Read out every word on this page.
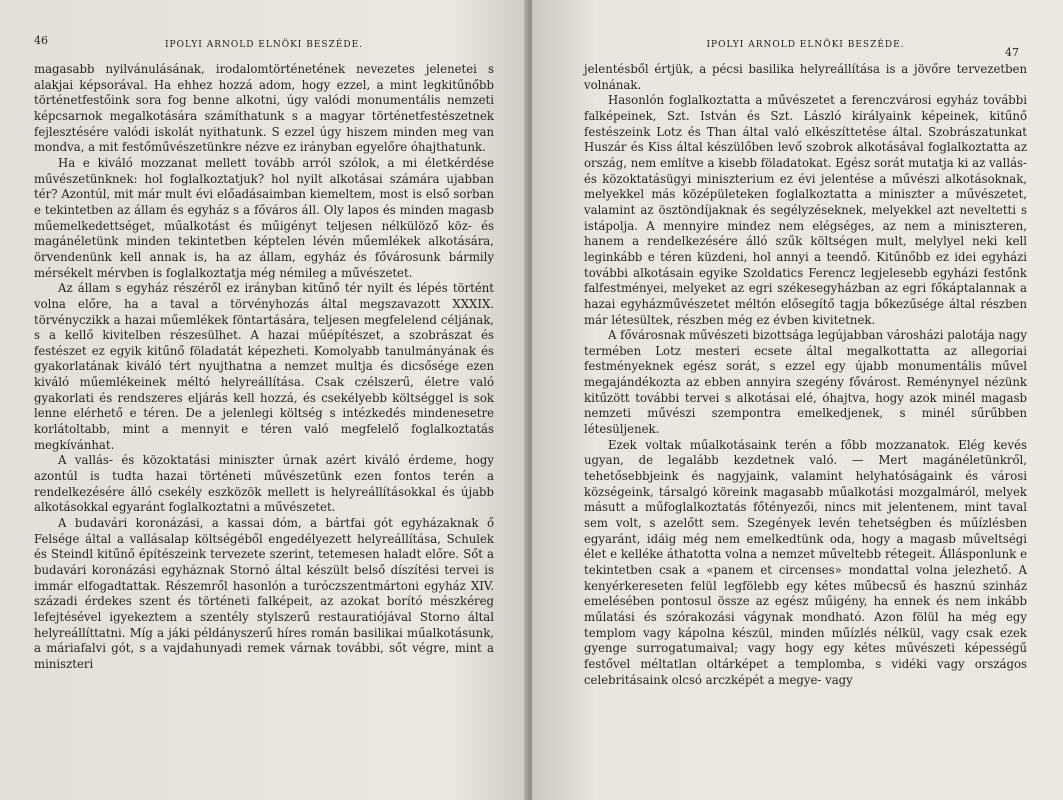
46	IPOLYI ARNOLD ELNÖKI BESZÉDE.

magasabb nyilvánulásának, irodalomtörténetének nevezetes jelenetei s alakjai képsorával. Ha ehhez hozzá adom, hogy ezzel, a mint legkitűnőbb történetfestőink sora fog benne alkotni, úgy valódi monumentális nemzeti képcsarnok megalkotására számíthatunk s a magyar történetfestészetnek fejlesztésére valódi iskolát nyithatunk. S ezzel úgy hiszem minden meg van mondva, a mit festőművészetünkre nézve ez irányban egyelőre óhajthatunk.

Ha e kiváló mozzanat mellett tovább arról szólok, a mi életkérdése művészetünknek: hol foglalkoztatjuk? hol nyilt alkotásai számára ujabban tér? Azontúl, mit már mult évi előadásaimban kiemeltem, most is első sorban e tekintetben az állam és egyház s a főváros áll. Oly lapos és minden magasb műemelkedettséget, műalkotást és műigényt teljesen nélkülöző köz- és magánéletünk minden tekintetben képtelen lévén műemlékek alkotására, örvendenünk kell annak is, ha az állam, egyház és fővárosunk bármily mérsékelt mérvben is foglalkoztatja még némileg a művészetet.

Az állam s egyház részéről ez irányban kitűnő tér nyilt és lépés történt volna előre, ha a taval a törvényhozás által megszavazott XXXIX. törvényczikk a hazai műemlékek föntartására, teljesen megfelelend céljának, s a kellő kivitelben részesülhet. A hazai műépítészet, a szobrászat és festészet ez egyik kitűnő föladatát képezheti. Komolyabb tanulmányának és gyakorlatának kiváló tért nyujthatna a nemzet multja és dicsősége ezen kiváló műemlékeinek méltó helyreállítása. Csak czélszerű, életre való gyakorlati és rendszeres eljárás kell hozzá, és csekélyebb költséggel is sok lenne elérhető e téren. De a jelenlegi költség s intézkedés mindenesetre korlátoltabb, mint a mennyit e téren való megfelelő foglalkoztatás megkívánhat.

A vallás- és közoktatási miniszter úrnak azért kiváló érdeme, hogy azontúl is tudta hazai történeti művészetünk ezen fontos terén a rendelkezésére álló csekély eszközök mellett is helyreállításokkal és újabb alkotásokkal egyaránt foglalkoztatni a művészetet.

A budavári koronázási, a kassai dóm, a bártfai gót egyházaknak ő Felsége által a vallásalap költségéből engedélyezett helyreállítása, Schulek és Steindl kitűnő építészeink tervezete szerint, tetemesen haladt előre. Sőt a budavári koronázási egyháznak Stornó által készült belső díszítési tervei is immár elfogadtattak. Részemről hasonlón a turóczszentmártoni egyház XIV. századi érdekes szent és történeti falképeit, az azokat borító mészkéreg lefejtésével igyekeztem a szentély stylszerű restauratiójával Storno által helyreállíttatni. Míg a jáki példányszerű híres román basilikai műalkotásunk, a máriafalvi gót, s a vajdahunyadi remek várnak további, sőt végre, mint a miniszteri

IPOLYI ARNOLD ELNÖKI BESZÉDE.
47

jelentésből értjük, a pécsi basilika helyreállítása is a jövőre tervezetben volnának.

Hasonlón foglalkoztatta a művészetet a ferenczvárosi egyház további falképeinek, Szt. István és Szt. László királyaink képeinek, kitűnő festészeink Lotz és Than által való elkészíttetése által. Szobrászatunkat Huszár és Kiss által készülőben levő szobrok alkotásával foglalkoztatta az ország, nem említve a kisebb föladatokat. Egész sorát mutatja ki az vallás- és közoktatásügyi miniszterium ez évi jelentése a művészi alkotásoknak, melyekkel más középületeken foglalkoztatta a miniszter a művészetet, valamint az ösztöndíjaknak és segélyzéseknek, melyekkel azt neveltetti s istápolja. A mennyire mindez nem elégséges, az nem a miniszteren, hanem a rendelkezésére álló szűk költségen mult, melylyel neki kell leginkább e téren küzdeni, hol annyi a teendő. Kitűnőbb ez idei egyházi további alkotásain egyike Szoldatics Ferencz legjelesebb egyházi festőnk falfestményei, melyeket az egri székesegyházban az egri főkáptalannak a hazai egyházművészetet méltón elősegítő tagja bőkezűsége által részben már létesültek, részben még ez évben kivitetnek.

A fővárosnak művészeti bizottsága legújabban városházi palotája nagy termében Lotz mesteri ecsete által megalkottatta az allegoriai festményeknek egész sorát, s ezzel egy újabb monumentális művel megajándékozta az ebben annyira szegény fővárost. Reménynyel nézünk kitűzött további tervei s alkotásai elé, óhajtva, hogy azok minél magasb nemzeti művészi szempontra emelkedjenek, s minél sűrűbben létesüljenek.

Ezek voltak műalkotásaink terén a főbb mozzanatok. Elég kevés ugyan, de legalább kezdetnek való. — Mert magánéletünkről, tehetősebbjeink és nagyjaink, valamint helyhatóságaink és városi községeink, társalgó köreink magasabb műalkotási mozgalmáról, melyek másutt a műfoglalkoztatás főtényezői, nincs mit jelentenem, mint taval sem volt, s azelőtt sem. Szegények levén tehetségben és műízlésben egyaránt, idáig még nem emelkedtünk oda, hogy a magasb műveltségi élet e kelléke áthatotta volna a nemzet műveltebb rétegeit. Állásponlunk e tekintetben csak a «panem et circenses» mondattal volna jelezhető. A kenyérkereseten felül legfölebb egy kétes műbecsű és hasznú szinház emelésében pontosul össze az egész műigény, ha ennek és nem inkább műlatási és szórakozási vágynak mondható. Azon fölül ha még egy templom vagy kápolna készül, minden műízlés nélkül, vagy csak ezek gyenge surrogatumaival; vagy hogy egy kétes művészeti képességű festővel méltatlan oltárképet a templomba, s vidéki vagy országos celebritásaink olcsó arczképét a megye- vagy
